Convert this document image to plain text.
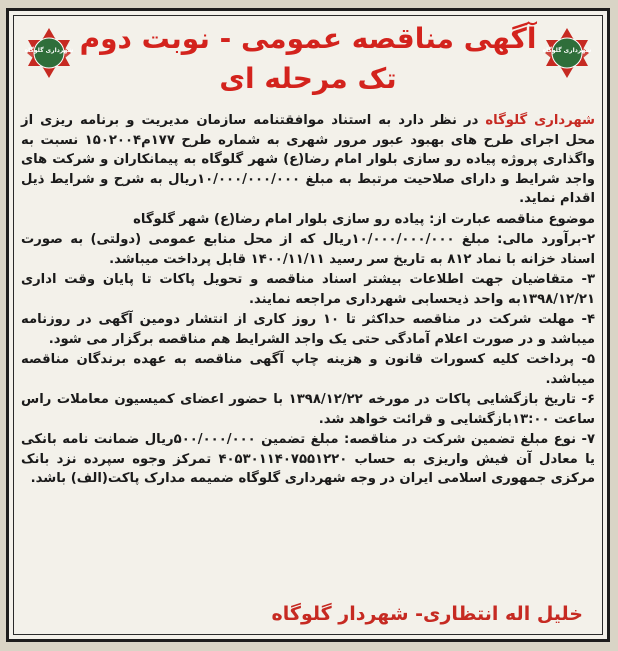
شهرداری گلوگاه	شهرداری گلوگاه
آگهی مناقصه عمومی - نوبت دوم
تک مرحله ای

شهرداری گلوگاه در نظر دارد به استناد موافقتنامه سازمان مدیریت و برنامه ریزی از محل اجرای طرح های بهبود عبور مرور شهری به شماره طرح ۱۷۷م۱۵۰۲۰۰۴ نسبت به واگذاری پروژه پیاده رو سازی بلوار امام رضا(ع) شهر گلوگاه به پیمانکاران و شرکت های واجد شرایط و دارای صلاحیت مرتبط به مبلغ ۱۰/۰۰۰/۰۰۰/۰۰۰ریال به شرح و شرایط ذیل اقدام نماید.

موضوع مناقصه عبارت از: پیاده رو سازی بلوار امام رضا(ع) شهر گلوگاه

۲-برآورد مالی: مبلغ ۱۰/۰۰۰/۰۰۰/۰۰۰ریال که از محل منابع عمومی (دولتی) به صورت اسناد خزانه با نماد ۸۱۲ به تاریخ سر رسید ۱۴۰۰/۱۱/۱۱ قابل پرداخت میباشد.

۳- متقاضیان جهت اطلاعات بیشتر اسناد مناقصه و تحویل پاکات تا پایان وقت اداری ۱۳۹۸/۱۲/۲۱به واحد ذیحسابی شهرداری مراجعه نمایند.

۴- مهلت شرکت در مناقصه حداکثر تا ۱۰ روز کاری از انتشار دومین آگهی در روزنامه میباشد و در صورت اعلام آمادگی حتی یک واجد الشرایط هم مناقصه برگزار می شود.

۵- پرداخت کلیه کسورات قانون و هزینه چاپ آگهی مناقصه به عهده برندگان مناقصه میباشد.

۶- تاریخ بازگشایی پاکات در مورخه ۱۳۹۸/۱۲/۲۲ با حضور اعضای کمیسیون معاملات راس ساعت ۱۳:۰۰بازگشایی و قرائت خواهد شد.

۷- نوع مبلغ تضمین شرکت در مناقصه: مبلغ تضمین ۵۰۰/۰۰۰/۰۰۰ریال ضمانت نامه بانکی یا معادل آن فیش واریزی به حساب ۴۰۵۳۰۱۱۴۰۷۵۵۱۲۲۰ تمرکز وجوه سپرده نزد بانک مرکزی جمهوری اسلامی ایران در وجه شهرداری گلوگاه ضمیمه مدارک پاکت(الف) باشد.

خلیل اله انتظاری- شهردار گلوگاه
